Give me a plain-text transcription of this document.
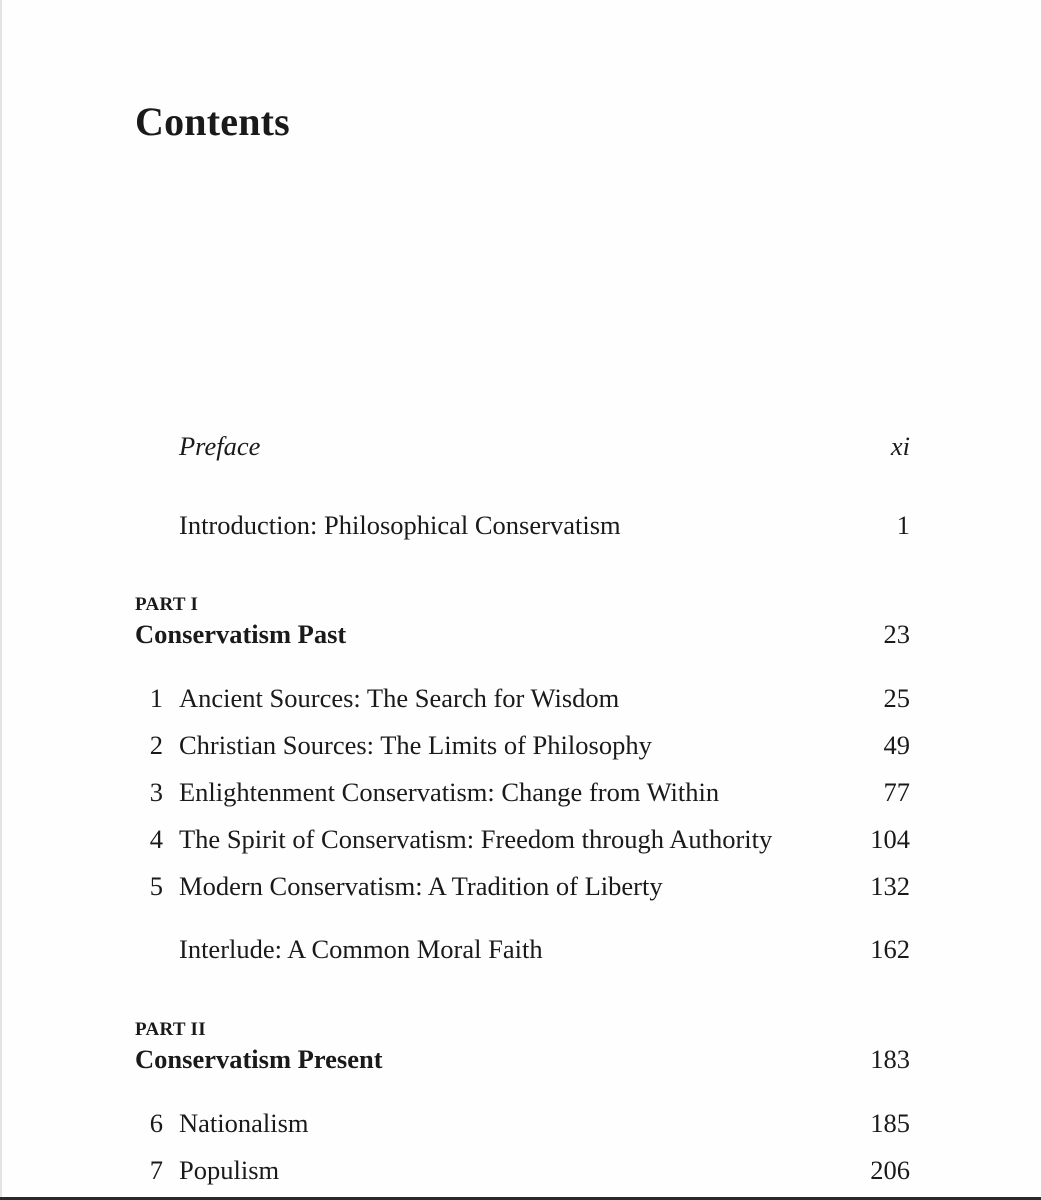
Contents
Preface	xi
Introduction: Philosophical Conservatism	1
PART I
Conservatism Past	23
1 Ancient Sources: The Search for Wisdom	25
2 Christian Sources: The Limits of Philosophy	49
3 Enlightenment Conservatism: Change from Within	77
4 The Spirit of Conservatism: Freedom through Authority	104
5 Modern Conservatism: A Tradition of Liberty	132
Interlude: A Common Moral Faith	162
PART II
Conservatism Present	183
6 Nationalism	185
7 Populism	206
